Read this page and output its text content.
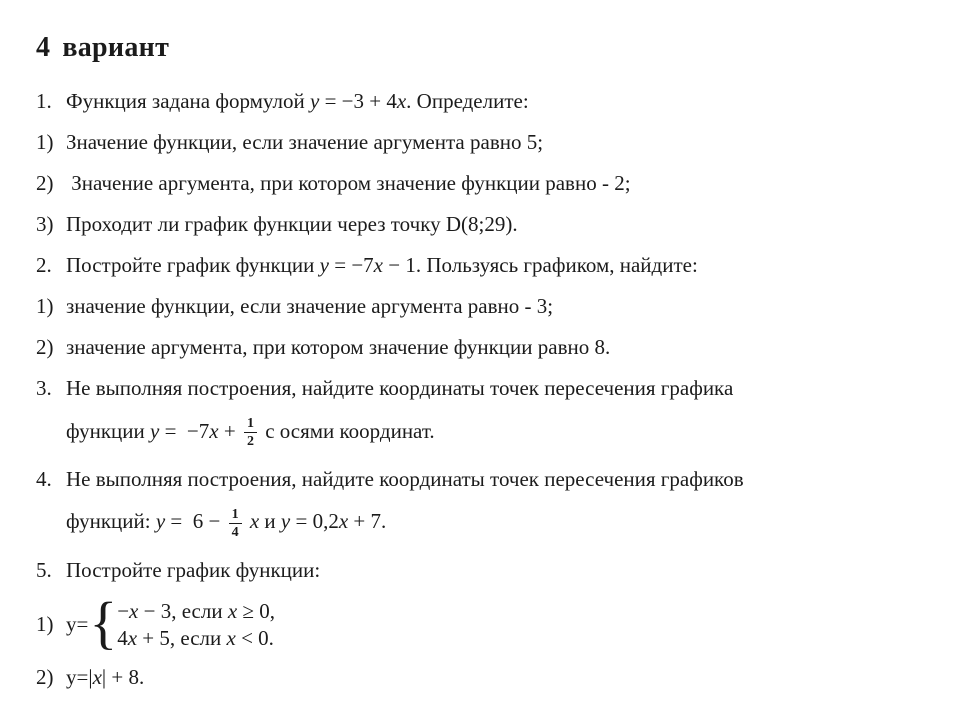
4 вариант
1. Функция задана формулой y = −3 + 4x. Определите:
1) Значение функции, если значение аргумента равно 5;
2) Значение аргумента, при котором значение функции равно - 2;
3) Проходит ли график функции через точку D(8;29).
2. Постройте график функции y = −7x − 1. Пользуясь графиком, найдите:
1) значение функции, если значение аргумента равно - 3;
2) значение аргумента, при котором значение функции равно 8.
3. Не выполняя построения, найдите координаты точек пересечения графика
функции $y = -7x + \frac{1}{2}$ с осями координат.
4. Не выполняя построения, найдите координаты точек пересечения графиков
функций: $y = 6 - \frac{1}{4}$ x и y = 0,2x + 7.
5. Постройте график функции:
1) y= { −x − 3, если x ≥ 0,
4x + 5, если x < 0.
2) y=|x| + 8.
